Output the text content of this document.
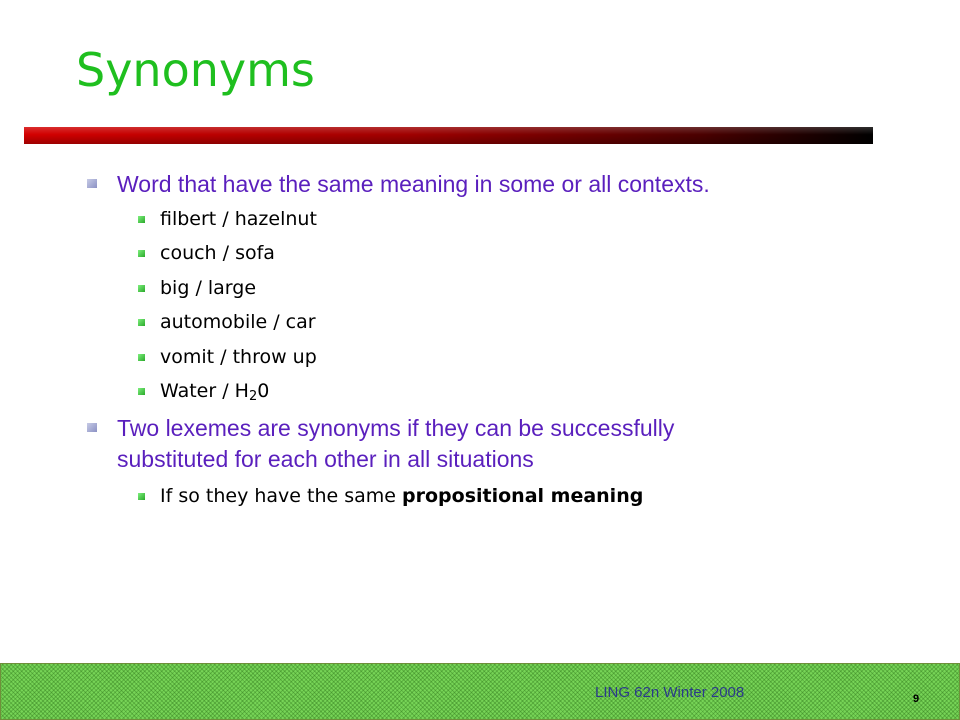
Synonyms
Word that have the same meaning in some or all contexts.
filbert / hazelnut
couch / sofa
big / large
automobile / car
vomit / throw up
Water / $H_20$
Two lexemes are synonyms if they can be successfully
substituted for each other in all situations
If so they have the same propositional meaning
LING 62n Winter 2008	9
